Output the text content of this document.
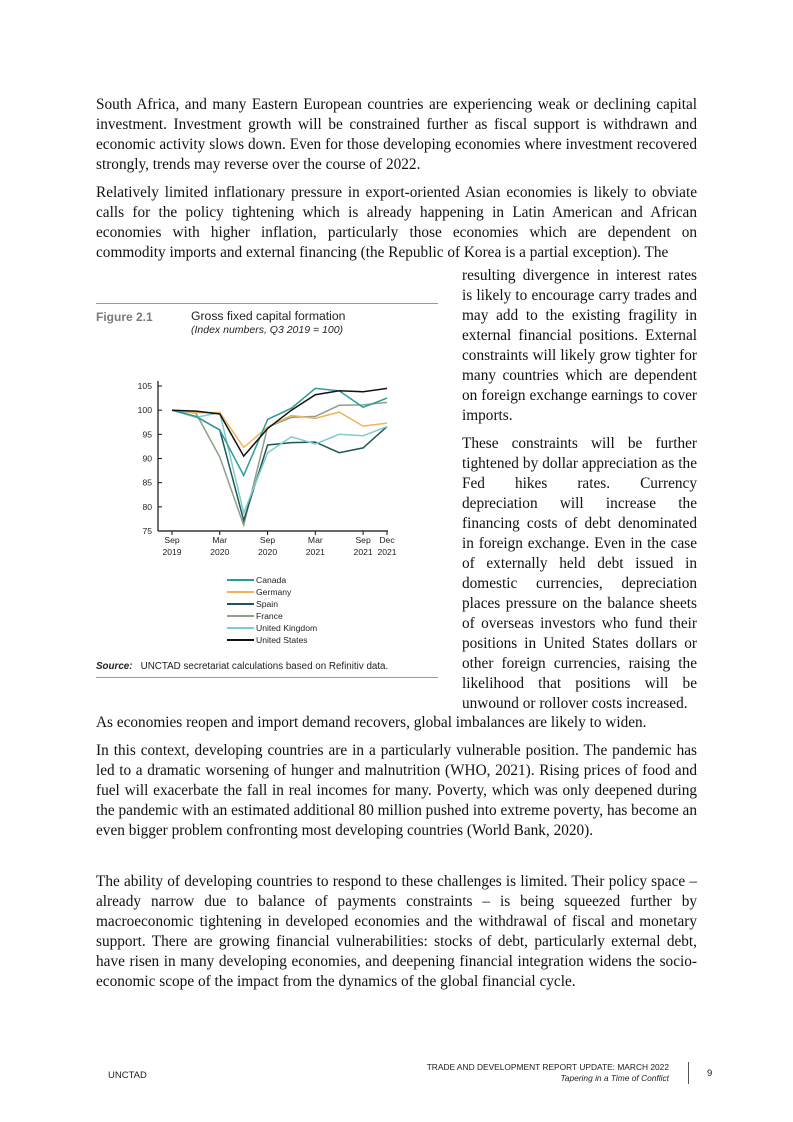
South Africa, and many Eastern European countries are experiencing weak or declining capital investment. Investment growth will be constrained further as fiscal support is withdrawn and economic activity slows down. Even for those developing economies where investment recovered strongly, trends may reverse over the course of 2022.

Relatively limited inflationary pressure in export-oriented Asian economies is likely to obviate calls for the policy tightening which is already happening in Latin American and African economies with higher inflation, particularly those economies which are dependent on commodity imports and external financing (the Republic of Korea is a partial exception). The

resulting divergence in interest rates is likely to encourage carry trades and may add to the existing fragility in external financial positions. External constraints will likely grow tighter for many countries which are dependent on foreign exchange earnings to cover imports.

These constraints will be further tightened by dollar appreciation as the Fed hikes rates. Currency depreciation will increase the financing costs of debt denominated in foreign exchange. Even in the case of externally held debt issued in domestic currencies, depreciation places pressure on the balance sheets of overseas investors who fund their positions in United States dollars or other foreign currencies, raising the likelihood that positions will be unwound or rollover costs increased.

As economies reopen and import demand recovers, global imbalances are likely to widen.

In this context, developing countries are in a particularly vulnerable position. The pandemic has led to a dramatic worsening of hunger and malnutrition (WHO, 2021). Rising prices of food and fuel will exacerbate the fall in real incomes for many. Poverty, which was only deepened during the pandemic with an estimated additional 80 million pushed into extreme poverty, has become an even bigger problem confronting most developing countries (World Bank, 2020).

The ability of developing countries to respond to these challenges is limited. Their policy space – already narrow due to balance of payments constraints – is being squeezed further by macroeconomic tightening in developed economies and the withdrawal of fiscal and monetary support. There are growing financial vulnerabilities: stocks of debt, particularly external debt, have risen in many developing economies, and deepening financial integration widens the socio-economic scope of the impact from the dynamics of the global financial cycle.

Figure 2.1	Gross fixed capital formation
(Index numbers, Q3 2019 = 100)
75
80
85
90
95
100
105
Sep
2019
Mar
2020
Sep
2020
Mar
2021
Sep
2021
Dec
2021
Canada
Germany
Spain
France
United Kingdom
United States
Source: UNCTAD secretariat calculations based on Refinitiv data.
UNCTAD
TRADE AND DEVELOPMENT REPORT UPDATE: MARCH 2022
Tapering in a Time of Conflict	9
